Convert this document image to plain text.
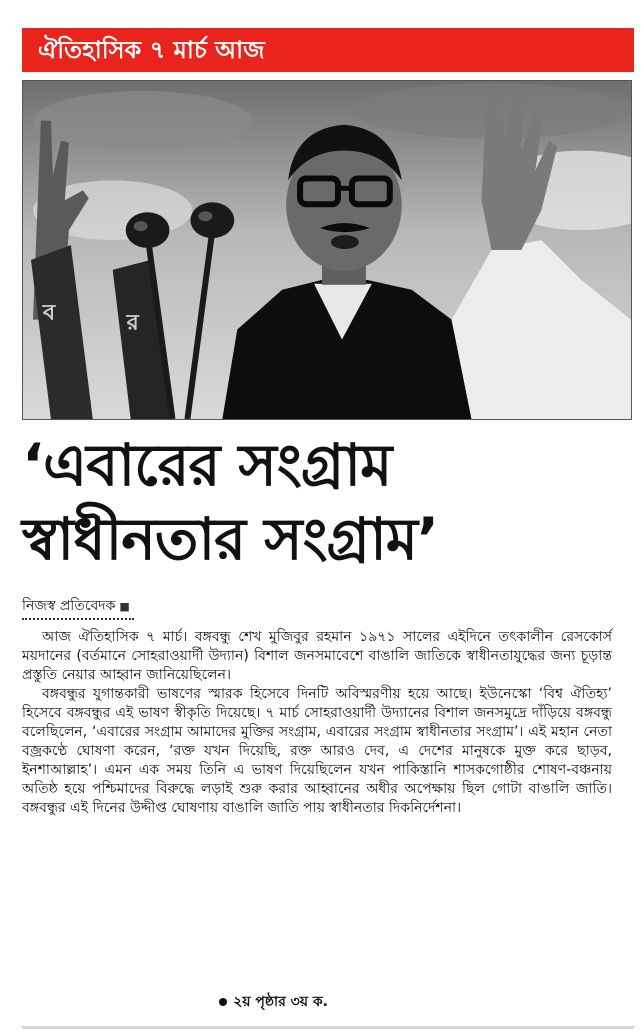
ঐতিহাসিক ৭ মার্চ আজ
ব	র
‘এবারের সংগ্রাম
স্বাধীনতার সংগ্রাম’
নিজস্ব প্রতিবেদক ■

আজ ঐতিহাসিক ৭ মার্চ। বঙ্গবন্ধু শেখ মুজিবুর রহমান ১৯৭১ সালের এইদিনে তৎকালীন রেসকোর্স ময়দানের (বর্তমানে সোহরাওয়ার্দী উদ্যান) বিশাল জনসমাবেশে বাঙালি জাতিকে স্বাধীনতাযুদ্ধের জন্য চূড়ান্ত প্রস্তুতি নেয়ার আহ্বান জানিয়েছিলেন।

বঙ্গবন্ধুর যুগান্তকারী ভাষণের স্মারক হিসেবে দিনটি অবিস্মরণীয় হয়ে আছে। ইউনেস্কো ‘বিশ্ব ঐতিহ্য’ হিসেবে বঙ্গবন্ধুর এই ভাষণ স্বীকৃতি দিয়েছে। ৭ মার্চ সোহরাওয়ার্দী উদ্যানের বিশাল জনসমুদ্রে দাঁড়িয়ে বঙ্গবন্ধু বলেছিলেন, ‘এবারের সংগ্রাম আমাদের মুক্তির সংগ্রাম, এবারের সংগ্রাম স্বাধীনতার সংগ্রাম’। এই মহান নেতা বজ্রকণ্ঠে ঘোষণা করেন, ‘রক্ত যখন দিয়েছি, রক্ত আরও দেব, এ দেশের মানুষকে মুক্ত করে ছাড়ব, ইনশাআল্লাহ’। এমন এক সময় তিনি এ ভাষণ দিয়েছিলেন যখন পাকিস্তানি শাসকগোষ্ঠীর শোষণ-বঞ্চনায় অতিষ্ঠ হয়ে পশ্চিমাদের বিরুদ্ধে লড়াই শুরু করার আহ্বানের অধীর অপেক্ষায় ছিল গোটা বাঙালি জাতি। বঙ্গবন্ধুর এই দিনের উদ্দীপ্ত ঘোষণায় বাঙালি জাতি পায় স্বাধীনতার দিকনির্দেশনা।

২য় পৃষ্ঠার ৩য় ক.
